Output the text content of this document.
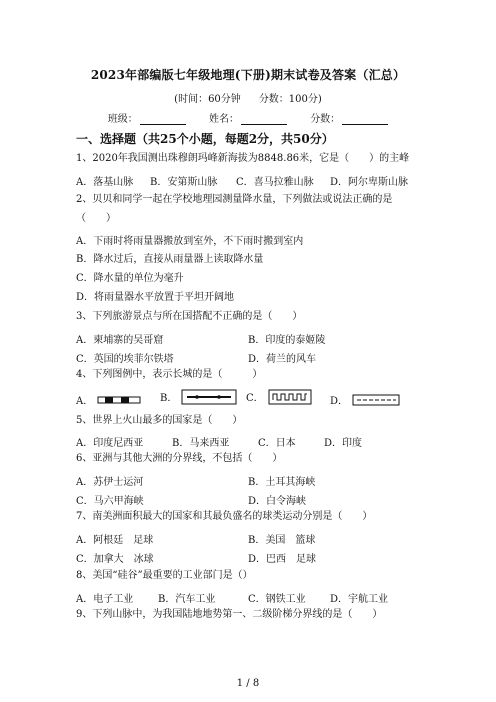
2023年部编版七年级地理(下册)期末试卷及答案（汇总）
(时间：60分钟 分数：100分)
班级：	姓名：	分数：
一、选择题（共25个小题，每题2分，共50分）
1、2020年我国测出珠穆朗玛峰新海拔为8848.86米，它是（　　）的主峰
A．落基山脉 B．安第斯山脉 C．喜马拉雅山脉 D．阿尔卑斯山脉
2、贝贝和同学一起在学校地理园测量降水量，下列做法或说法正确的是
（　　）
A．下雨时将雨量器搬放到室外，不下雨时搬到室内
B．降水过后，直接从雨量器上读取降水量
C．降水量的单位为毫升
D．将雨量器水平放置于平坦开阔地
3、下列旅游景点与所在国搭配不正确的是（　　）
A．柬埔寨的吴哥窟	B．印度的泰姬陵
C．英国的埃菲尔铁塔	D．荷兰的风车
4、下列图例中，表示长城的是（　　　）
A．	B．	C．	D．
5、世界上火山最多的国家是（　　）
A．印度尼西亚	B．马来西亚	C．日本	D．印度
6、亚洲与其他大洲的分界线，不包括（　　）
A．苏伊士运河	B．土耳其海峡
C．马六甲海峡	D．白令海峡
7、南美洲面积最大的国家和其最负盛名的球类运动分别是（　　）
A．阿根廷　足球	B．美国　篮球
C．加拿大　冰球	D．巴西　足球
8、美国“硅谷”最重要的工业部门是（）
A．电子工业 B．汽车工业	C．钢铁工业 D．宇航工业
9、下列山脉中，为我国陆地地势第一、二级阶梯分界线的是（　　）
1 / 8
